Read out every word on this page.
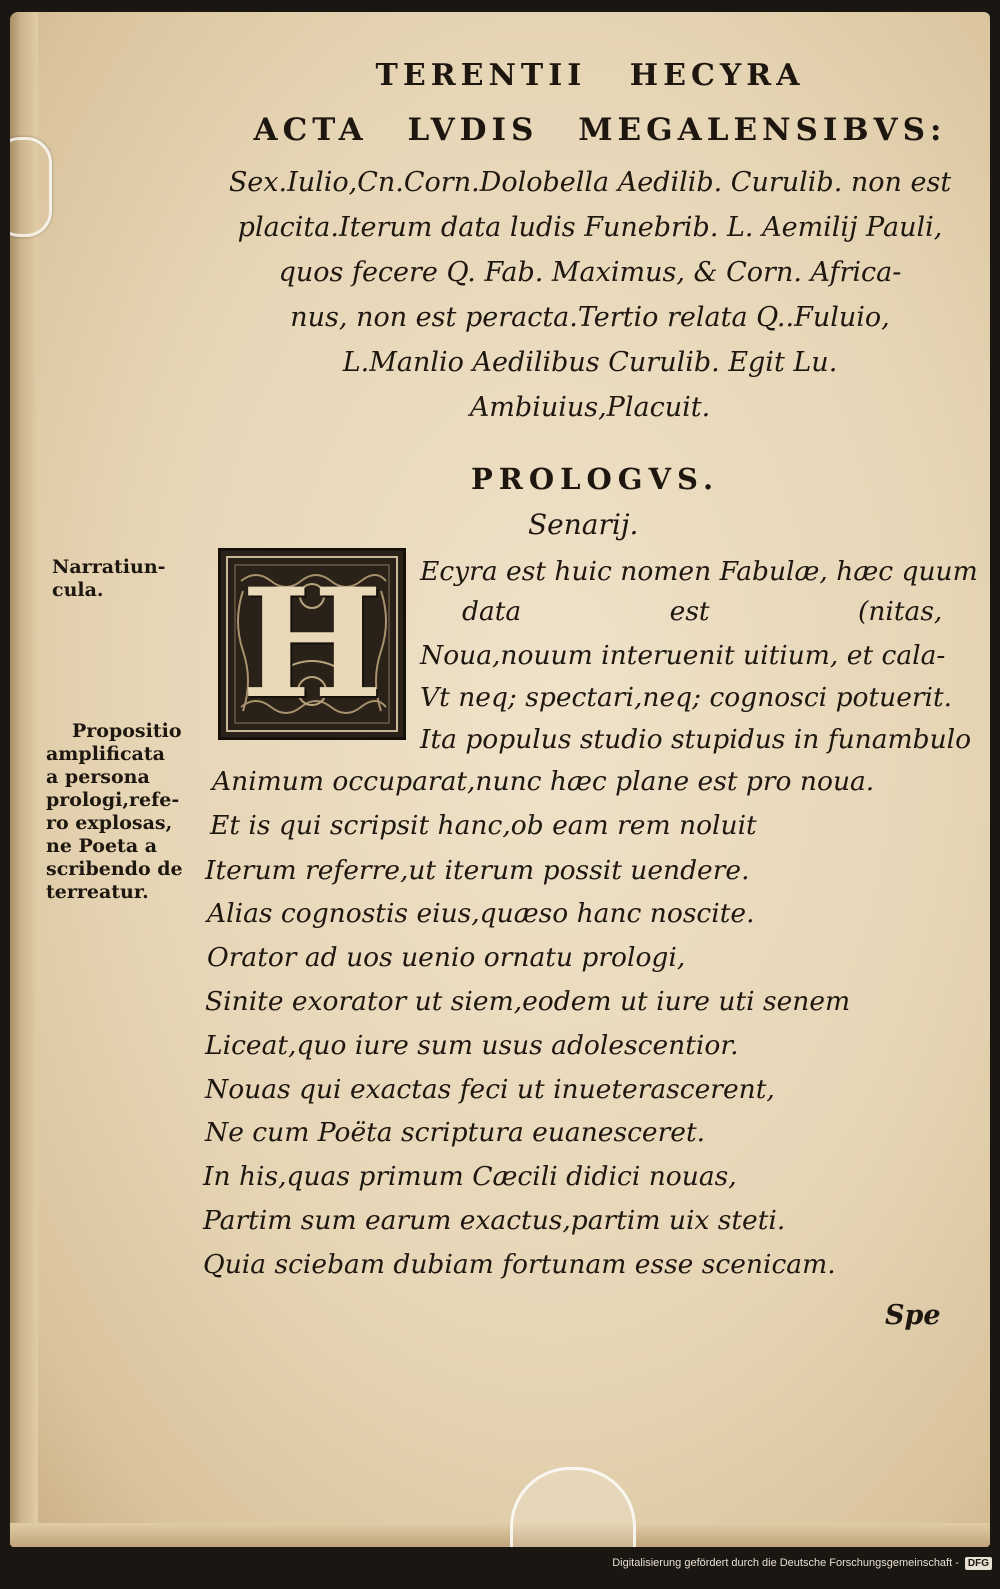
TERENTII HECYRA
ACTA LVDIS MEGALENSIBVS:
Sex.Iulio,Cn.Corn.Dolobella Aedilib. Curulib. non est
placita.Iterum data ludis Funebrib. L. Aemilij Pauli,
quos fecere Q. Fab. Maximus, & Corn. Africa-
nus, non est peracta.Tertio relata Q..Fuluio,
L.Manlio Aedilibus Curulib. Egit Lu.
Ambiuius,Placuit.
PROLOGVS.
Senarij.
H
Narratiun-
cula.
Propositio
amplificata
a persona
prologi,refe-
ro explosas,
ne Poeta a
scribendo de
terreatur.
Ecyra est huic nomen Fabulæ, hæc quum
data est (nitas,
Noua,nouum interuenit uitium, et cala-
Vt neq; spectari,neq; cognosci potuerit.
Ita populus studio stupidus in funambulo
Animum occuparat,nunc hæc plane est pro noua.
Et is qui scripsit hanc,ob eam rem noluit
Iterum referre,ut iterum possit uendere.
Alias cognostis eius,quæso hanc noscite.
Orator ad uos uenio ornatu prologi,
Sinite exorator ut siem,eodem ut iure uti senem
Liceat,quo iure sum usus adolescentior.
Nouas qui exactas feci ut inueterascerent,
Ne cum Poëta scriptura euanesceret.
In his,quas primum Cæcili didici nouas,
Partim sum earum exactus,partim uix steti.
Quia sciebam dubiam fortunam esse scenicam.
Spe
Digitalisierung gefördert durch die Deutsche Forschungsgemeinschaft - DFG
